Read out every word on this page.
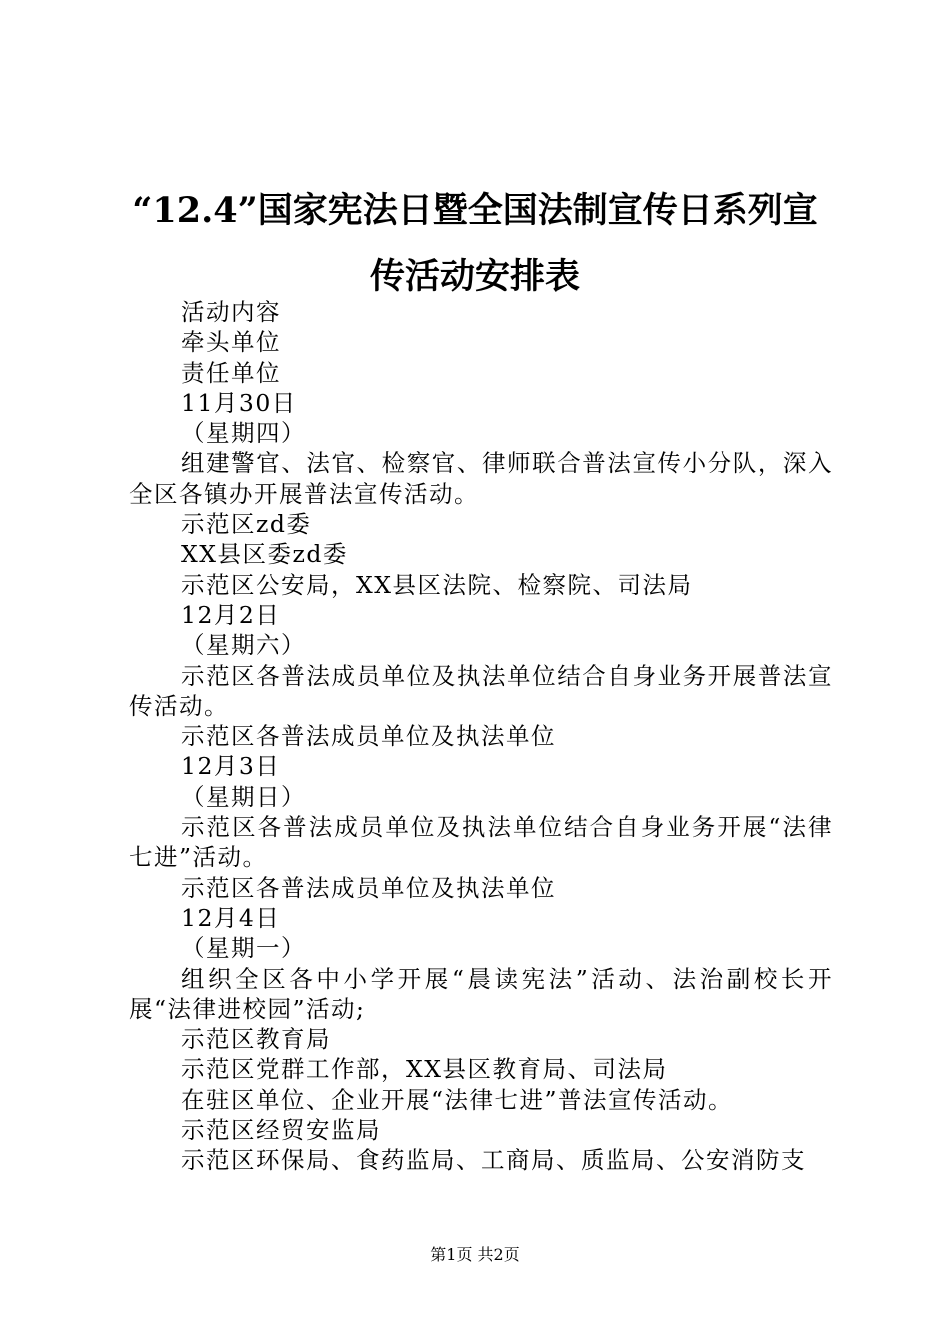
“12.4”国家宪法日暨全国法制宣传日系列宣传活动安排表

活动内容

牵头单位

责任单位

11月30日

（星期四）

组建警官、法官、检察官、律师联合普法宣传小分队，深入全区各镇办开展普法宣传活动。

示范区zd委

XX县区委zd委

示范区公安局，XX县区法院、检察院、司法局

12月2日

（星期六）

示范区各普法成员单位及执法单位结合自身业务开展普法宣传活动。

示范区各普法成员单位及执法单位

12月3日

（星期日）

示范区各普法成员单位及执法单位结合自身业务开展“法律七进”活动。

示范区各普法成员单位及执法单位

12月4日

（星期一）

组织全区各中小学开展“晨读宪法”活动、法治副校长开展“法律进校园”活动;

示范区教育局

示范区党群工作部，XX县区教育局、司法局

在驻区单位、企业开展“法律七进”普法宣传活动。

示范区经贸安监局

示范区环保局、食药监局、工商局、质监局、公安消防支

第1页 共2页
